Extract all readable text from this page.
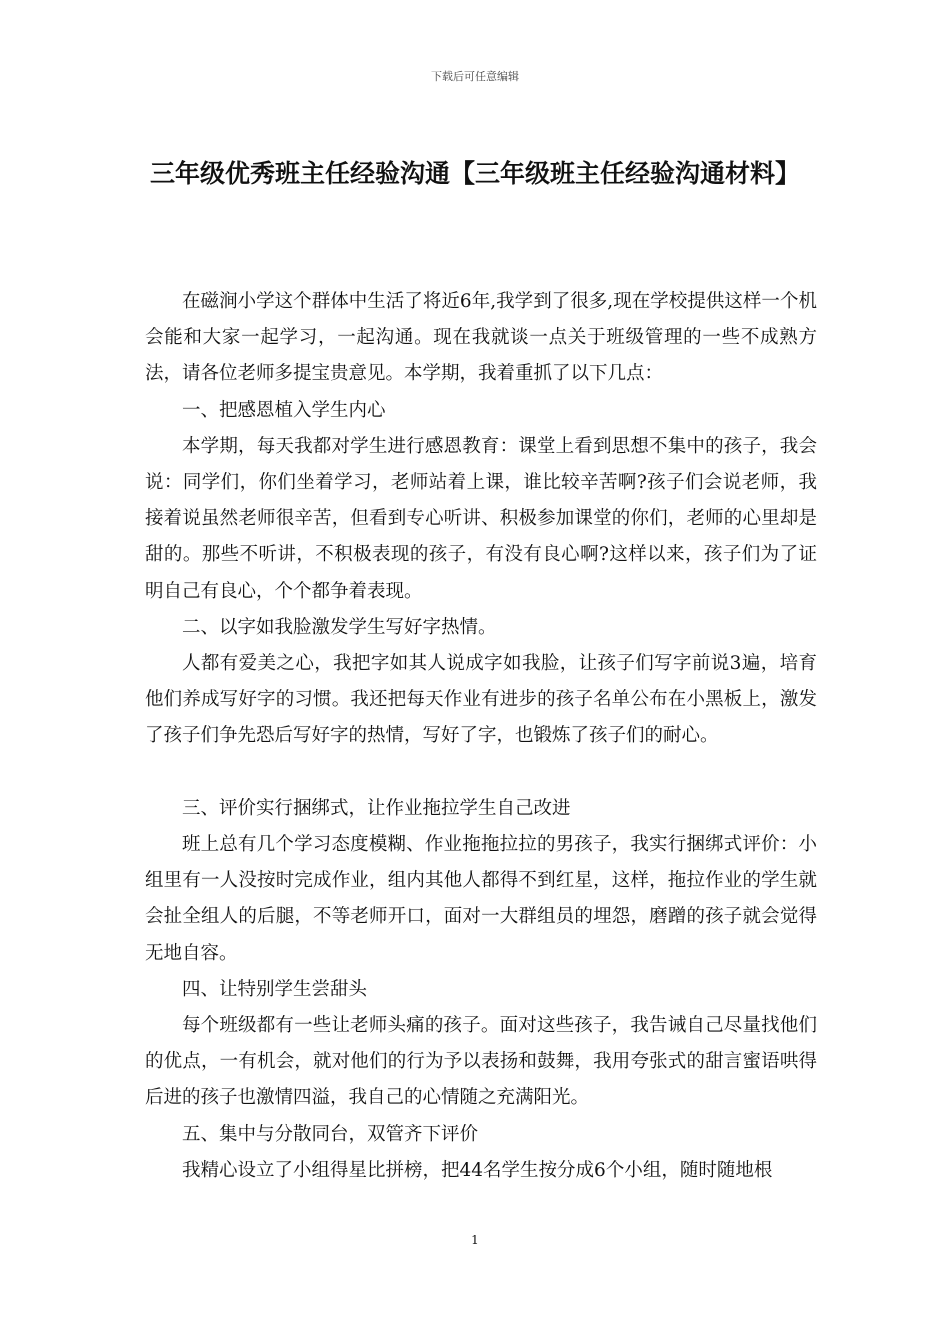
下载后可任意编辑
三年级优秀班主任经验沟通【三年级班主任经验沟通材料】

在磁涧小学这个群体中生活了将近6年,我学到了很多,现在学校提供这样一个机会能和大家一起学习，一起沟通。现在我就谈一点关于班级管理的一些不成熟方法，请各位老师多提宝贵意见。本学期，我着重抓了以下几点：

一、把感恩植入学生内心

本学期，每天我都对学生进行感恩教育：课堂上看到思想不集中的孩子，我会说：同学们，你们坐着学习，老师站着上课，谁比较辛苦啊?孩子们会说老师，我接着说虽然老师很辛苦，但看到专心听讲、积极参加课堂的你们，老师的心里却是甜的。那些不听讲，不积极表现的孩子，有没有良心啊?这样以来，孩子们为了证明自己有良心，个个都争着表现。

二、以字如我脸激发学生写好字热情。

人都有爱美之心，我把字如其人说成字如我脸，让孩子们写字前说3遍，培育他们养成写好字的习惯。我还把每天作业有进步的孩子名单公布在小黑板上，激发了孩子们争先恐后写好字的热情，写好了字，也锻炼了孩子们的耐心。

三、评价实行捆绑式，让作业拖拉学生自己改进

班上总有几个学习态度模糊、作业拖拖拉拉的男孩子，我实行捆绑式评价：小组里有一人没按时完成作业，组内其他人都得不到红星，这样，拖拉作业的学生就会扯全组人的后腿，不等老师开口，面对一大群组员的埋怨，磨蹭的孩子就会觉得无地自容。

四、让特别学生尝甜头

每个班级都有一些让老师头痛的孩子。面对这些孩子，我告诫自己尽量找他们的优点，一有机会，就对他们的行为予以表扬和鼓舞，我用夸张式的甜言蜜语哄得后进的孩子也激情四溢，我自己的心情随之充满阳光。

五、集中与分散同台，双管齐下评价

我精心设立了小组得星比拼榜，把44名学生按分成6个小组，随时随地根

1
